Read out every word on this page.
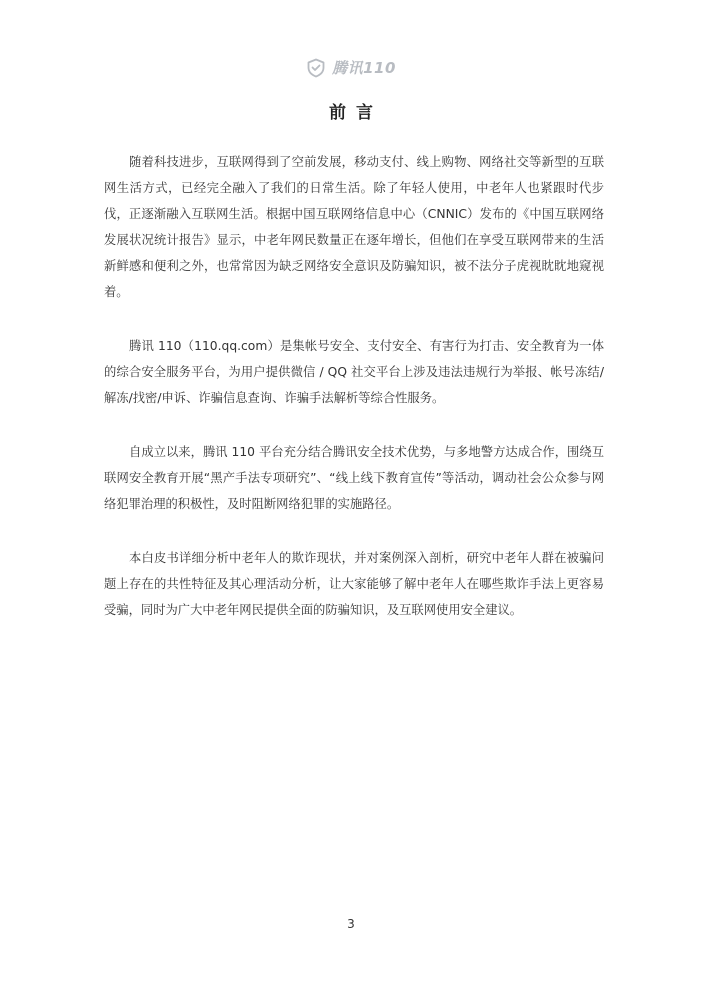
腾讯110
前言

随着科技进步，互联网得到了空前发展，移动支付、线上购物、网络社交等新型的互联网生活方式，已经完全融入了我们的日常生活。除了年轻人使用，中老年人也紧跟时代步伐，正逐渐融入互联网生活。根据中国互联网络信息中心（CNNIC）发布的《中国互联网络发展状况统计报告》显示，中老年网民数量正在逐年增长，但他们在享受互联网带来的生活新鲜感和便利之外，也常常因为缺乏网络安全意识及防骗知识，被不法分子虎视眈眈地窥视着。

腾讯 110（110.qq.com）是集帐号安全、支付安全、有害行为打击、安全教育为一体的综合安全服务平台，为用户提供微信 / QQ 社交平台上涉及违法违规行为举报、帐号冻结/解冻/找密/申诉、诈骗信息查询、诈骗手法解析等综合性服务。

自成立以来，腾讯 110 平台充分结合腾讯安全技术优势，与多地警方达成合作，围绕互联网安全教育开展“黑产手法专项研究”、“线上线下教育宣传”等活动，调动社会公众参与网络犯罪治理的积极性，及时阻断网络犯罪的实施路径。

本白皮书详细分析中老年人的欺诈现状，并对案例深入剖析，研究中老年人群在被骗问题上存在的共性特征及其心理活动分析，让大家能够了解中老年人在哪些欺诈手法上更容易受骗，同时为广大中老年网民提供全面的防骗知识，及互联网使用安全建议。

3
